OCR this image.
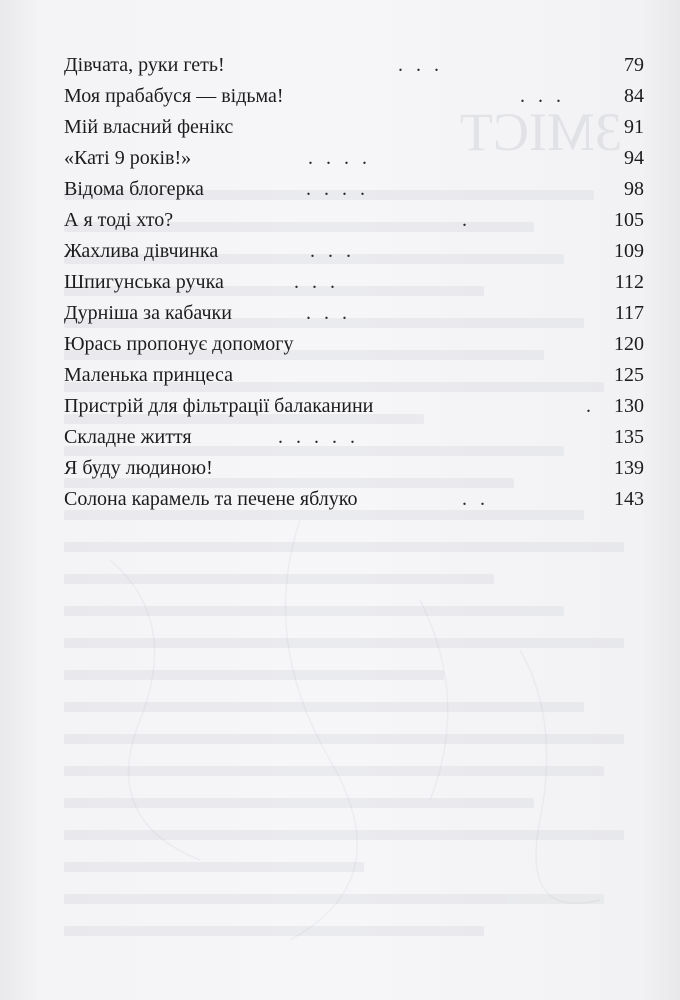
ЗМІСТ
Дівчата, руки геть!	. . .	79
Моя прабабуся — відьма!	. . .	84
Мій власний фенікс	91
«Каті 9 років!»	. . . .	94
Відома блогерка	. . . .	98
А я тоді хто?	.	105
Жахлива дівчинка	. . .	109
Шпигунська ручка	. . .	112
Дурніша за кабачки	. . .	117
Юрась пропонує допомогу	120
Маленька принцеса	125
Пристрій для фільтрації балаканини	. 130
Складне життя	. . . . .	135
Я буду людиною!	139
Солона карамель та печене яблуко	. .	143
